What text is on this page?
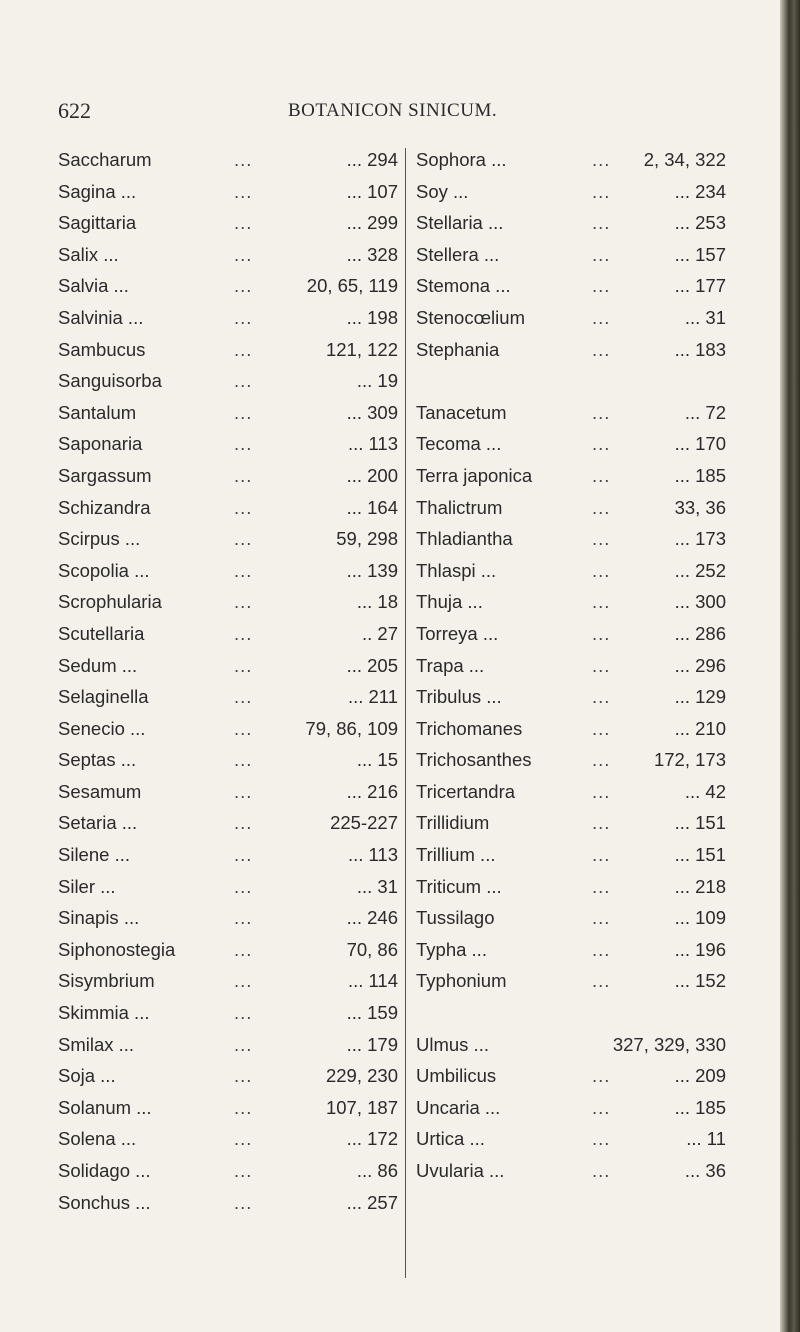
622	BOTANICON SINICUM.
Saccharum	...	... 294
Sagina ...	...	... 107
Sagittaria	...	... 299
Salix ...	...	... 328
Salvia ...	...	20, 65, 119
Salvinia ...	...	... 198
Sambucus	...	121, 122
Sanguisorba	...	... 19
Santalum	...	... 309
Saponaria	...	... 113
Sargassum	...	... 200
Schizandra	...	... 164
Scirpus ...	...	59, 298
Scopolia ...	...	... 139
Scrophularia	...	... 18
Scutellaria	...	.. 27
Sedum ...	...	... 205
Selaginella	...	... 211
Senecio ...	...	79, 86, 109
Septas ...	...	... 15
Sesamum	...	... 216
Setaria ...	...	225-227
Silene ...	...	... 113
Siler ...	...	... 31
Sinapis ...	...	... 246
Siphonostegia	...	70, 86
Sisymbrium	...	... 114
Skimmia ...	...	... 159
Smilax ...	...	... 179
Soja ...	...	229, 230
Solanum ...	...	107, 187
Solena ...	...	... 172
Solidago ...	...	... 86
Sonchus ...	...	... 257
Sophora ...	... 2, 34, 322
Soy ...	...	... 234
Stellaria ...	...	... 253
Stellera ...	...	... 157
Stemona ...	...	... 177
Stenocœlium	...	... 31
Stephania	...	... 183
Tanacetum	...	... 72
Tecoma ...	...	... 170
Terra japonica	...	... 185
Thalictrum	...	33, 36
Thladiantha	...	... 173
Thlaspi ...	...	... 252
Thuja ...	...	... 300
Torreya ...	...	... 286
Trapa ...	...	... 296
Tribulus ...	...	... 129
Trichomanes	...	... 210
Trichosanthes	... 172, 173
Tricertandra	...	... 42
Trillidium	...	... 151
Trillium ...	...	... 151
Triticum ...	...	... 218
Tussilago	...	... 109
Typha ...	...	... 196
Typhonium	...	... 152
Ulmus ...	327, 329, 330
Umbilicus	...	... 209
Uncaria ...	...	... 185
Urtica ...	...	... 11
Uvularia ...	...	... 36
